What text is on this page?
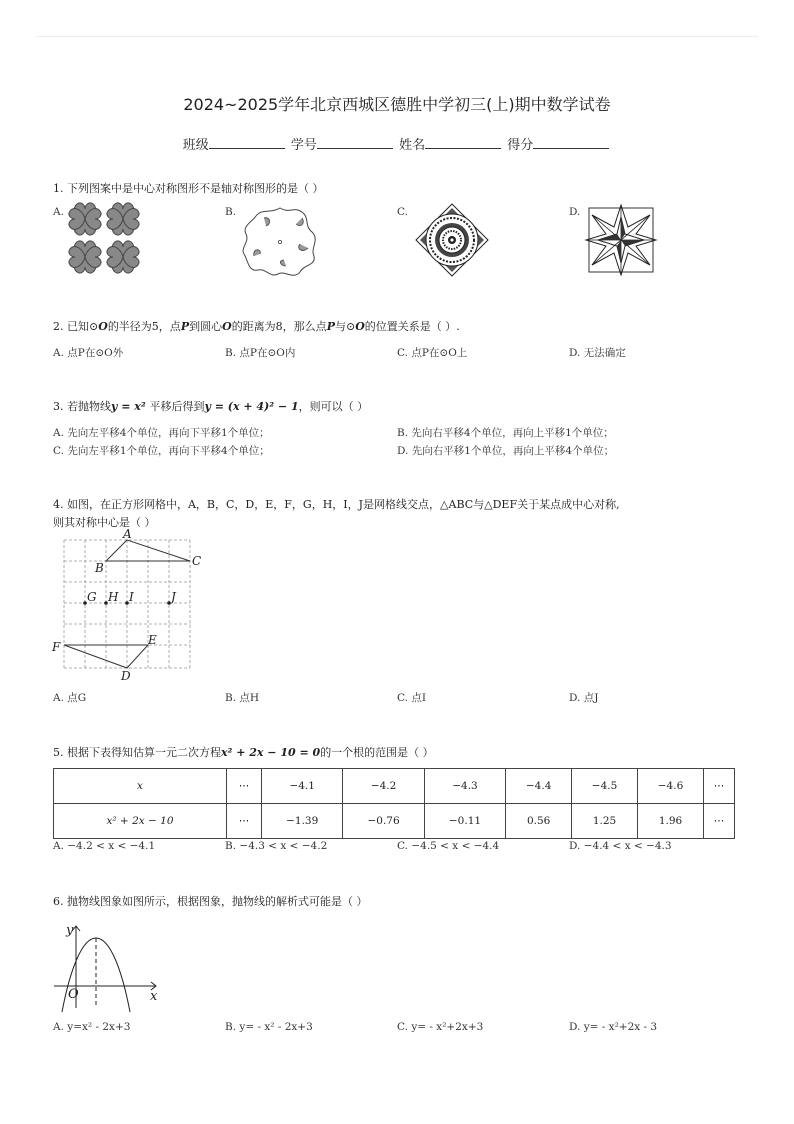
2024~2025学年北京西城区德胜中学初三(上)期中数学试卷
班级	学号	姓名	得分
1. 下列图案中是中心对称图形不是轴对称图形的是（ ）
A.	B.	C.	D.
2. 已知⊙O的半径为5，点P到圆心O的距离为8，那么点P与⊙O的位置关系是（ ）.
A. 点P在⊙O外	B. 点P在⊙O内	C. 点P在⊙O上	D. 无法确定
3. 若抛物线y = x² 平移后得到y = (x + 4)² − 1，则可以（ ）
A. 先向左平移4个单位，再向下平移1个单位；	B. 先向右平移4个单位，再向上平移1个单位；
C. 先向左平移1个单位，再向下平移4个单位；	D. 先向右平移1个单位，再向上平移4个单位；
4. 如图，在正方形网格中，A，B，C，D，E，F，G，H，I，J是网格线交点，△ABC与△DEF关于某点成中心对称,
则其对称中心是（ ）
A
B	C
D
E
F
G H I	J
A. 点G	B. 点H	C. 点I	D. 点J
5. 根据下表得知估算一元二次方程x² + 2x − 10 = 0的一个根的范围是（ ）
x	⋯	−4.1	−4.2	−4.3	−4.4	−4.5	−4.6	⋯
x² + 2x − 10	⋯	−1.39	−0.76	−0.11	0.56	1.25	1.96	⋯
A. −4.2 < x < −4.1	B. −4.3 < x < −4.2	C. −4.5 < x < −4.4	D. −4.4 < x < −4.3
6. 抛物线图象如图所示，根据图象，抛物线的解析式可能是（ ）
y
x
O
A. y=x² - 2x+3	B. y= - x² - 2x+3	C. y= - x²+2x+3	D. y= - x²+2x - 3
